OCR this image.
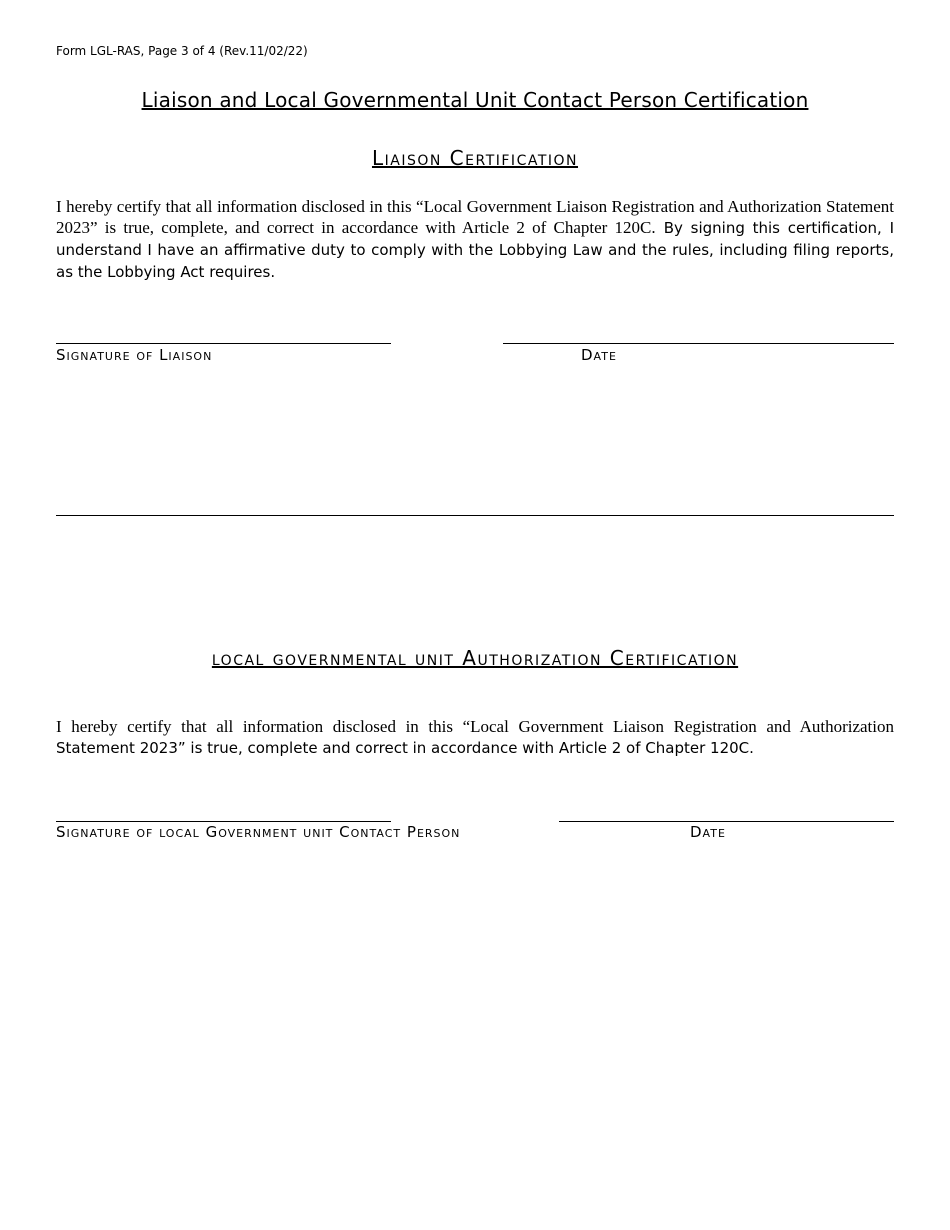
Form LGL-RAS, Page 3 of 4 (Rev.11/02/22)
Liaison and Local Governmental Unit Contact Person Certification
Liaison Certification
I hereby certify that all information disclosed in this “Local Government Liaison Registration and Authorization Statement 2023” is true, complete, and correct in accordance with Article 2 of Chapter 120C. By signing this certification, I understand I have an affirmative duty to comply with the Lobbying Law and the rules, including filing reports, as the Lobbying Act requires.
Signature of Liaison	Date
local governmental unit Authorization Certification
I hereby certify that all information disclosed in this “Local Government Liaison Registration and Authorization Statement 2023” is true, complete and correct in accordance with Article 2 of Chapter 120C.
Signature of local Government unit Contact Person	Date
